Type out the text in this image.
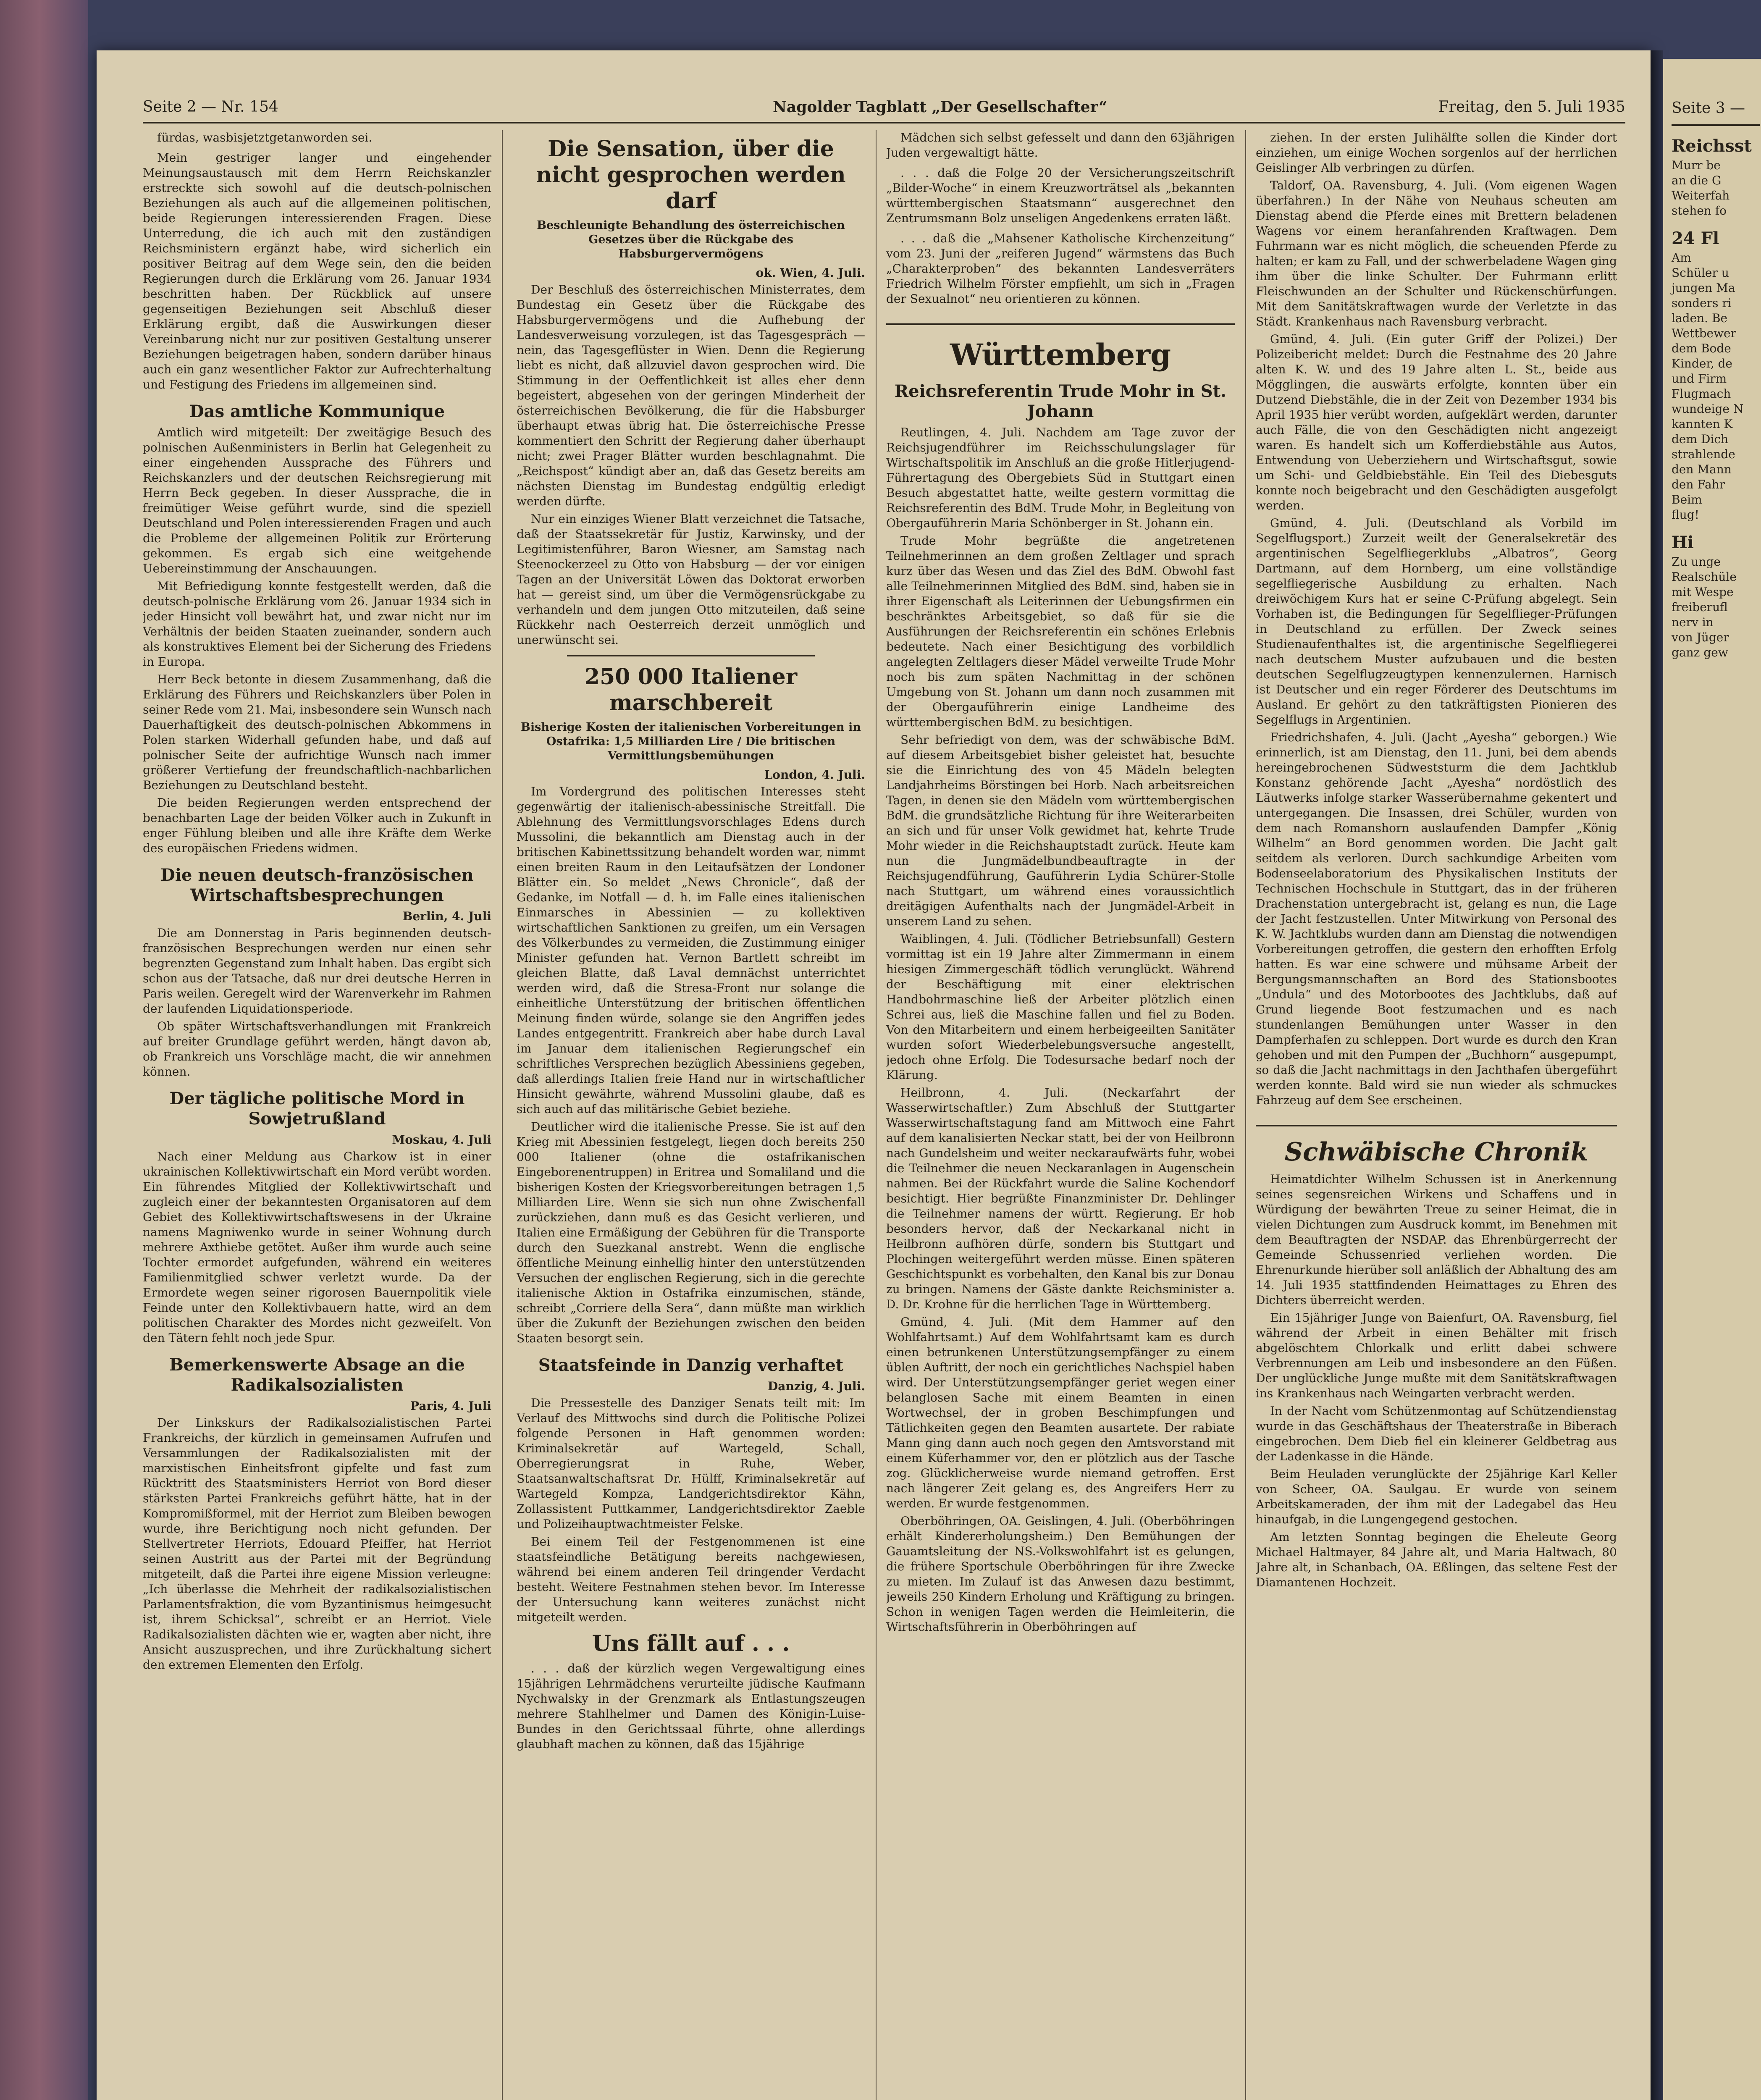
Seite 2 — Nr. 154	Nagolder Tagblatt „Der Gesellschafter“	Freitag, den 5. Juli 1935

fürdas, wasbisjetztgetanworden sei.

Mein gestriger langer und eingehender Meinungsaustausch mit dem Herrn Reichskanzler erstreckte sich sowohl auf die deutsch-polnischen Beziehungen als auch auf die allgemeinen politischen, beide Regierungen interessierenden Fragen. Diese Unterredung, die ich auch mit den zuständigen Reichsministern ergänzt habe, wird sicherlich ein positiver Beitrag auf dem Wege sein, den die beiden Regierungen durch die Erklärung vom 26. Januar 1934 beschritten haben. Der Rückblick auf unsere gegenseitigen Beziehungen seit Abschluß dieser Erklärung ergibt, daß die Auswirkungen dieser Vereinbarung nicht nur zur positiven Gestaltung unserer Beziehungen beigetragen haben, sondern darüber hinaus auch ein ganz wesentlicher Faktor zur Aufrechterhaltung und Festigung des Friedens im allgemeinen sind.

Das amtliche Kommunique

Amtlich wird mitgeteilt: Der zweitägige Besuch des polnischen Außenministers in Berlin hat Gelegenheit zu einer eingehenden Aussprache des Führers und Reichskanzlers und der deutschen Reichsregierung mit Herrn Beck gegeben. In dieser Aussprache, die in freimütiger Weise geführt wurde, sind die speziell Deutschland und Polen interessierenden Fragen und auch die Probleme der allgemeinen Politik zur Erörterung gekommen. Es ergab sich eine weitgehende Uebereinstimmung der Anschauungen.

Mit Befriedigung konnte festgestellt werden, daß die deutsch-polnische Erklärung vom 26. Januar 1934 sich in jeder Hinsicht voll bewährt hat, und zwar nicht nur im Verhältnis der beiden Staaten zueinander, sondern auch als konstruktives Element bei der Sicherung des Friedens in Europa.

Herr Beck betonte in diesem Zusammenhang, daß die Erklärung des Führers und Reichskanzlers über Polen in seiner Rede vom 21. Mai, insbesondere sein Wunsch nach Dauerhaftigkeit des deutsch-polnischen Abkommens in Polen starken Widerhall gefunden habe, und daß auf polnischer Seite der aufrichtige Wunsch nach immer größerer Vertiefung der freundschaftlich-nachbarlichen Beziehungen zu Deutschland besteht.

Die beiden Regierungen werden entsprechend der benachbarten Lage der beiden Völker auch in Zukunft in enger Fühlung bleiben und alle ihre Kräfte dem Werke des europäischen Friedens widmen.

Die neuen deutsch-französischen Wirtschaftsbesprechungen
Berlin, 4. Juli

Die am Donnerstag in Paris beginnenden deutsch-französischen Besprechungen werden nur einen sehr begrenzten Gegenstand zum Inhalt haben. Das ergibt sich schon aus der Tatsache, daß nur drei deutsche Herren in Paris weilen. Geregelt wird der Warenverkehr im Rahmen der laufenden Liquidationsperiode.

Ob später Wirtschaftsverhandlungen mit Frankreich auf breiter Grundlage geführt werden, hängt davon ab, ob Frankreich uns Vorschläge macht, die wir annehmen können.

Der tägliche politische Mord in Sowjetrußland
Moskau, 4. Juli

Nach einer Meldung aus Charkow ist in einer ukrainischen Kollektivwirtschaft ein Mord verübt worden. Ein führendes Mitglied der Kollektivwirtschaft und zugleich einer der bekanntesten Organisatoren auf dem Gebiet des Kollektivwirtschaftswesens in der Ukraine namens Magniwenko wurde in seiner Wohnung durch mehrere Axthiebe getötet. Außer ihm wurde auch seine Tochter ermordet aufgefunden, während ein weiteres Familienmitglied schwer verletzt wurde. Da der Ermordete wegen seiner rigorosen Bauernpolitik viele Feinde unter den Kollektivbauern hatte, wird an dem politischen Charakter des Mordes nicht gezweifelt. Von den Tätern fehlt noch jede Spur.

Bemerkenswerte Absage an die Radikalsozialisten
Paris, 4. Juli

Der Linkskurs der Radikalsozialistischen Partei Frankreichs, der kürzlich in gemeinsamen Aufrufen und Versammlungen der Radikalsozialisten mit der marxistischen Einheitsfront gipfelte und fast zum Rücktritt des Staatsministers Herriot von Bord dieser stärksten Partei Frankreichs geführt hätte, hat in der Kompromißformel, mit der Herriot zum Bleiben bewogen wurde, ihre Berichtigung noch nicht gefunden. Der Stellvertreter Herriots, Edouard Pfeiffer, hat Herriot seinen Austritt aus der Partei mit der Begründung mitgeteilt, daß die Partei ihre eigene Mission verleugne: „Ich überlasse die Mehrheit der radikalsozialistischen Parlamentsfraktion, die vom Byzantinismus heimgesucht ist, ihrem Schicksal“, schreibt er an Herriot. Viele Radikalsozialisten dächten wie er, wagten aber nicht, ihre Ansicht auszusprechen, und ihre Zurückhaltung sichert den extremen Elementen den Erfolg.

Die Sensation, über die nicht gesprochen werden darf
Beschleunigte Behandlung des österreichischen Gesetzes über die Rückgabe des Habsburgervermögens
ok. Wien, 4. Juli.

Der Beschluß des österreichischen Ministerrates, dem Bundestag ein Gesetz über die Rückgabe des Habsburgervermögens und die Aufhebung der Landesverweisung vorzulegen, ist das Tagesgespräch — nein, das Tagesgeflüster in Wien. Denn die Regierung liebt es nicht, daß allzuviel davon gesprochen wird. Die Stimmung in der Oeffentlichkeit ist alles eher denn begeistert, abgesehen von der geringen Minderheit der österreichischen Bevölkerung, die für die Habsburger überhaupt etwas übrig hat. Die österreichische Presse kommentiert den Schritt der Regierung daher überhaupt nicht; zwei Prager Blätter wurden beschlagnahmt. Die „Reichspost“ kündigt aber an, daß das Gesetz bereits am nächsten Dienstag im Bundestag endgültig erledigt werden dürfte.

Nur ein einziges Wiener Blatt verzeichnet die Tatsache, daß der Staatssekretär für Justiz, Karwinsky, und der Legitimistenführer, Baron Wiesner, am Samstag nach Steenockerzeel zu Otto von Habsburg — der vor einigen Tagen an der Universität Löwen das Doktorat erworben hat — gereist sind, um über die Vermögensrückgabe zu verhandeln und dem jungen Otto mitzuteilen, daß seine Rückkehr nach Oesterreich derzeit unmöglich und unerwünscht sei.

250 000 Italiener marschbereit
Bisherige Kosten der italienischen Vorbereitungen in Ostafrika: 1,5 Milliarden Lire / Die britischen Vermittlungsbemühungen
London, 4. Juli.

Im Vordergrund des politischen Interesses steht gegenwärtig der italienisch-abessinische Streitfall. Die Ablehnung des Vermittlungsvorschlages Edens durch Mussolini, die bekanntlich am Dienstag auch in der britischen Kabinettssitzung behandelt worden war, nimmt einen breiten Raum in den Leitaufsätzen der Londoner Blätter ein. So meldet „News Chronicle“, daß der Gedanke, im Notfall — d. h. im Falle eines italienischen Einmarsches in Abessinien — zu kollektiven wirtschaftlichen Sanktionen zu greifen, um ein Versagen des Völkerbundes zu vermeiden, die Zustimmung einiger Minister gefunden hat. Vernon Bartlett schreibt im gleichen Blatte, daß Laval demnächst unterrichtet werden wird, daß die Stresa-Front nur solange die einheitliche Unterstützung der britischen öffentlichen Meinung finden würde, solange sie den Angriffen jedes Landes entgegentritt. Frankreich aber habe durch Laval im Januar dem italienischen Regierungschef ein schriftliches Versprechen bezüglich Abessiniens gegeben, daß allerdings Italien freie Hand nur in wirtschaftlicher Hinsicht gewährte, während Mussolini glaube, daß es sich auch auf das militärische Gebiet beziehe.

Deutlicher wird die italienische Presse. Sie ist auf den Krieg mit Abessinien festgelegt, liegen doch bereits 250 000 Italiener (ohne die ostafrikanischen Eingeborenentruppen) in Eritrea und Somaliland und die bisherigen Kosten der Kriegsvorbereitungen betragen 1,5 Milliarden Lire. Wenn sie sich nun ohne Zwischenfall zurückziehen, dann muß es das Gesicht verlieren, und Italien eine Ermäßigung der Gebühren für die Transporte durch den Suezkanal anstrebt. Wenn die englische öffentliche Meinung einhellig hinter den unterstützenden Versuchen der englischen Regierung, sich in die gerechte italienische Aktion in Ostafrika einzumischen, stände, schreibt „Corriere della Sera“, dann müßte man wirklich über die Zukunft der Beziehungen zwischen den beiden Staaten besorgt sein.

Staatsfeinde in Danzig verhaftet
Danzig, 4. Juli.

Die Pressestelle des Danziger Senats teilt mit: Im Verlauf des Mittwochs sind durch die Politische Polizei folgende Personen in Haft genommen worden: Kriminalsekretär auf Wartegeld, Schall, Oberregierungsrat in Ruhe, Weber, Staatsanwaltschaftsrat Dr. Hülff, Kriminalsekretär auf Wartegeld Kompza, Landgerichtsdirektor Kähn, Zollassistent Puttkammer, Landgerichtsdirektor Zaeble und Polizeihauptwachtmeister Felske.

Bei einem Teil der Festgenommenen ist eine staatsfeindliche Betätigung bereits nachgewiesen, während bei einem anderen Teil dringender Verdacht besteht. Weitere Festnahmen stehen bevor. Im Interesse der Untersuchung kann weiteres zunächst nicht mitgeteilt werden.

Uns fällt auf . . .

. . . daß der kürzlich wegen Vergewaltigung eines 15jährigen Lehrmädchens verurteilte jüdische Kaufmann Nychwalsky in der Grenzmark als Entlastungszeugen mehrere Stahlhelmer und Damen des Königin-Luise-Bundes in den Gerichtssaal führte, ohne allerdings glaubhaft machen zu können, daß das 15jährige

Mädchen sich selbst gefesselt und dann den 63jährigen Juden vergewaltigt hätte.

. . . daß die Folge 20 der Versicherungszeitschrift „Bilder-Woche“ in einem Kreuzworträtsel als „bekannten württembergischen Staatsmann“ ausgerechnet den Zentrumsmann Bolz unseligen Angedenkens erraten läßt.

. . . daß die „Mahsener Katholische Kirchenzeitung“ vom 23. Juni der „reiferen Jugend“ wärmstens das Buch „Charakterproben“ des bekannten Landesverräters Friedrich Wilhelm Förster empfiehlt, um sich in „Fragen der Sexualnot“ neu orientieren zu können.

Württemberg
Reichsreferentin Trude Mohr in St. Johann

Reutlingen, 4. Juli. Nachdem am Tage zuvor der Reichsjugendführer im Reichsschulungslager für Wirtschaftspolitik im Anschluß an die große Hitlerjugend-Führertagung des Obergebiets Süd in Stuttgart einen Besuch abgestattet hatte, weilte gestern vormittag die Reichsreferentin des BdM. Trude Mohr, in Begleitung von Obergauführerin Maria Schönberger in St. Johann ein.

Trude Mohr begrüßte die angetretenen Teilnehmerinnen an dem großen Zeltlager und sprach kurz über das Wesen und das Ziel des BdM. Obwohl fast alle Teilnehmerinnen Mitglied des BdM. sind, haben sie in ihrer Eigenschaft als Leiterinnen der Uebungsfirmen ein beschränktes Arbeitsgebiet, so daß für sie die Ausführungen der Reichsreferentin ein schönes Erlebnis bedeutete. Nach einer Besichtigung des vorbildlich angelegten Zeltlagers dieser Mädel verweilte Trude Mohr noch bis zum späten Nachmittag in der schönen Umgebung von St. Johann um dann noch zusammen mit der Obergauführerin einige Landheime des württembergischen BdM. zu besichtigen.

Sehr befriedigt von dem, was der schwäbische BdM. auf diesem Arbeitsgebiet bisher geleistet hat, besuchte sie die Einrichtung des von 45 Mädeln belegten Landjahrheims Börstingen bei Horb. Nach arbeitsreichen Tagen, in denen sie den Mädeln vom württembergischen BdM. die grundsätzliche Richtung für ihre Weiterarbeiten an sich und für unser Volk gewidmet hat, kehrte Trude Mohr wieder in die Reichshauptstadt zurück. Heute kam nun die Jungmädelbundbeauftragte in der Reichsjugendführung, Gauführerin Lydia Schürer-Stolle nach Stuttgart, um während eines voraussichtlich dreitägigen Aufenthalts nach der Jungmädel-Arbeit in unserem Land zu sehen.

Waiblingen, 4. Juli. (Tödlicher Betriebsunfall) Gestern vormittag ist ein 19 Jahre alter Zimmermann in einem hiesigen Zimmergeschäft tödlich verunglückt. Während der Beschäftigung mit einer elektrischen Handbohrmaschine ließ der Arbeiter plötzlich einen Schrei aus, ließ die Maschine fallen und fiel zu Boden. Von den Mitarbeitern und einem herbeigeeilten Sanitäter wurden sofort Wiederbelebungsversuche angestellt, jedoch ohne Erfolg. Die Todesursache bedarf noch der Klärung.

Heilbronn, 4. Juli. (Neckarfahrt der Wasserwirtschaftler.) Zum Abschluß der Stuttgarter Wasserwirtschaftstagung fand am Mittwoch eine Fahrt auf dem kanalisierten Neckar statt, bei der von Heilbronn nach Gundelsheim und weiter neckaraufwärts fuhr, wobei die Teilnehmer die neuen Neckaranlagen in Augenschein nahmen. Bei der Rückfahrt wurde die Saline Kochendorf besichtigt. Hier begrüßte Finanzminister Dr. Dehlinger die Teilnehmer namens der württ. Regierung. Er hob besonders hervor, daß der Neckarkanal nicht in Heilbronn aufhören dürfe, sondern bis Stuttgart und Plochingen weitergeführt werden müsse. Einen späteren Geschichtspunkt es vorbehalten, den Kanal bis zur Donau zu bringen. Namens der Gäste dankte Reichsminister a. D. Dr. Krohne für die herrlichen Tage in Württemberg.

Gmünd, 4. Juli. (Mit dem Hammer auf den Wohlfahrtsamt.) Auf dem Wohlfahrtsamt kam es durch einen betrunkenen Unterstützungsempfänger zu einem üblen Auftritt, der noch ein gerichtliches Nachspiel haben wird. Der Unterstützungsempfänger geriet wegen einer belanglosen Sache mit einem Beamten in einen Wortwechsel, der in groben Beschimpfungen und Tätlichkeiten gegen den Beamten ausartete. Der rabiate Mann ging dann auch noch gegen den Amtsvorstand mit einem Küferhammer vor, den er plötzlich aus der Tasche zog. Glücklicherweise wurde niemand getroffen. Erst nach längerer Zeit gelang es, des Angreifers Herr zu werden. Er wurde festgenommen.

Oberböhringen, OA. Geislingen, 4. Juli. (Oberböhringen erhält Kindererholungsheim.) Den Bemühungen der Gauamtsleitung der NS.-Volkswohlfahrt ist es gelungen, die frühere Sportschule Oberböhringen für ihre Zwecke zu mieten. Im Zulauf ist das Anwesen dazu bestimmt, jeweils 250 Kindern Erholung und Kräftigung zu bringen. Schon in wenigen Tagen werden die Heimleiterin, die Wirtschaftsführerin in Oberböhringen auf

ziehen. In der ersten Julihälfte sollen die Kinder dort einziehen, um einige Wochen sorgenlos auf der herrlichen Geislinger Alb verbringen zu dürfen.

Taldorf, OA. Ravensburg, 4. Juli. (Vom eigenen Wagen überfahren.) In der Nähe von Neuhaus scheuten am Dienstag abend die Pferde eines mit Brettern beladenen Wagens vor einem heranfahrenden Kraftwagen. Dem Fuhrmann war es nicht möglich, die scheuenden Pferde zu halten; er kam zu Fall, und der schwerbeladene Wagen ging ihm über die linke Schulter. Der Fuhrmann erlitt Fleischwunden an der Schulter und Rückenschürfungen. Mit dem Sanitätskraftwagen wurde der Verletzte in das Städt. Krankenhaus nach Ravensburg verbracht.

Gmünd, 4. Juli. (Ein guter Griff der Polizei.) Der Polizeibericht meldet: Durch die Festnahme des 20 Jahre alten K. W. und des 19 Jahre alten L. St., beide aus Mögglingen, die auswärts erfolgte, konnten über ein Dutzend Diebstähle, die in der Zeit von Dezember 1934 bis April 1935 hier verübt worden, aufgeklärt werden, darunter auch Fälle, die von den Geschädigten nicht angezeigt waren. Es handelt sich um Kofferdiebstähle aus Autos, Entwendung von Ueberziehern und Wirtschaftsgut, sowie um Schi- und Geldbiebstähle. Ein Teil des Diebesguts konnte noch beigebracht und den Geschädigten ausgefolgt werden.

Gmünd, 4. Juli. (Deutschland als Vorbild im Segelflugsport.) Zurzeit weilt der Generalsekretär des argentinischen Segelfliegerklubs „Albatros“, Georg Dartmann, auf dem Hornberg, um eine vollständige segelfliegerische Ausbildung zu erhalten. Nach dreiwöchigem Kurs hat er seine C-Prüfung abgelegt. Sein Vorhaben ist, die Bedingungen für Segelflieger-Prüfungen in Deutschland zu erfüllen. Der Zweck seines Studienaufenthaltes ist, die argentinische Segelfliegerei nach deutschem Muster aufzubauen und die besten deutschen Segelflugzeugtypen kennenzulernen. Harnisch ist Deutscher und ein reger Förderer des Deutschtums im Ausland. Er gehört zu den tatkräftigsten Pionieren des Segelflugs in Argentinien.

Friedrichshafen, 4. Juli. (Jacht „Ayesha“ geborgen.) Wie erinnerlich, ist am Dienstag, den 11. Juni, bei dem abends hereingebrochenen Südweststurm die dem Jachtklub Konstanz gehörende Jacht „Ayesha“ nordöstlich des Läutwerks infolge starker Wasserübernahme gekentert und untergegangen. Die Insassen, drei Schüler, wurden von dem nach Romanshorn auslaufenden Dampfer „König Wilhelm“ an Bord genommen worden. Die Jacht galt seitdem als verloren. Durch sachkundige Arbeiten vom Bodenseelaboratorium des Physikalischen Instituts der Technischen Hochschule in Stuttgart, das in der früheren Drachenstation untergebracht ist, gelang es nun, die Lage der Jacht festzustellen. Unter Mitwirkung von Personal des K. W. Jachtklubs wurden dann am Dienstag die notwendigen Vorbereitungen getroffen, die gestern den erhofften Erfolg hatten. Es war eine schwere und mühsame Arbeit der Bergungsmannschaften an Bord des Stationsbootes „Undula“ und des Motorbootes des Jachtklubs, daß auf Grund liegende Boot festzumachen und es nach stundenlangen Bemühungen unter Wasser in den Dampferhafen zu schleppen. Dort wurde es durch den Kran gehoben und mit den Pumpen der „Buchhorn“ ausgepumpt, so daß die Jacht nachmittags in den Jachthafen übergeführt werden konnte. Bald wird sie nun wieder als schmuckes Fahrzeug auf dem See erscheinen.

Schwäbische Chronik

Heimatdichter Wilhelm Schussen ist in Anerkennung seines segensreichen Wirkens und Schaffens und in Würdigung der bewährten Treue zu seiner Heimat, die in vielen Dichtungen zum Ausdruck kommt, im Benehmen mit dem Beauftragten der NSDAP. das Ehrenbürgerrecht der Gemeinde Schussenried verliehen worden. Die Ehrenurkunde hierüber soll anläßlich der Abhaltung des am 14. Juli 1935 stattfindenden Heimattages zu Ehren des Dichters überreicht werden.

Ein 15jähriger Junge von Baienfurt, OA. Ravensburg, fiel während der Arbeit in einen Behälter mit frisch abgelöschtem Chlorkalk und erlitt dabei schwere Verbrennungen am Leib und insbesondere an den Füßen. Der unglückliche Junge mußte mit dem Sanitätskraftwagen ins Krankenhaus nach Weingarten verbracht werden.

In der Nacht vom Schützenmontag auf Schützendienstag wurde in das Geschäftshaus der Theaterstraße in Biberach eingebrochen. Dem Dieb fiel ein kleinerer Geldbetrag aus der Ladenkasse in die Hände.

Beim Heuladen verunglückte der 25jährige Karl Keller von Scheer, OA. Saulgau. Er wurde von seinem Arbeitskameraden, der ihm mit der Ladegabel das Heu hinaufgab, in die Lungengegend gestochen.

Am letzten Sonntag begingen die Eheleute Georg Michael Haltmayer, 84 Jahre alt, und Maria Haltwach, 80 Jahre alt, in Schanbach, OA. Eßlingen, das seltene Fest der Diamantenen Hochzeit.

Seite 3 —
Reichsst
Murr be
an die G
Weiterfah
stehen fo
24 Fl
Am
Schüler u
jungen Ma
sonders ri
laden. Be
Wettbewer
dem Bode
Kinder, de
und Firm
Flugmach
wundeige N
kannten K
dem Dich
strahlende
den Mann
den Fahr
Beim
flug!
Hi
Zu unge
Realschüle
mit Wespe
freiberufl
nerv in
von Jüger
ganz gew
